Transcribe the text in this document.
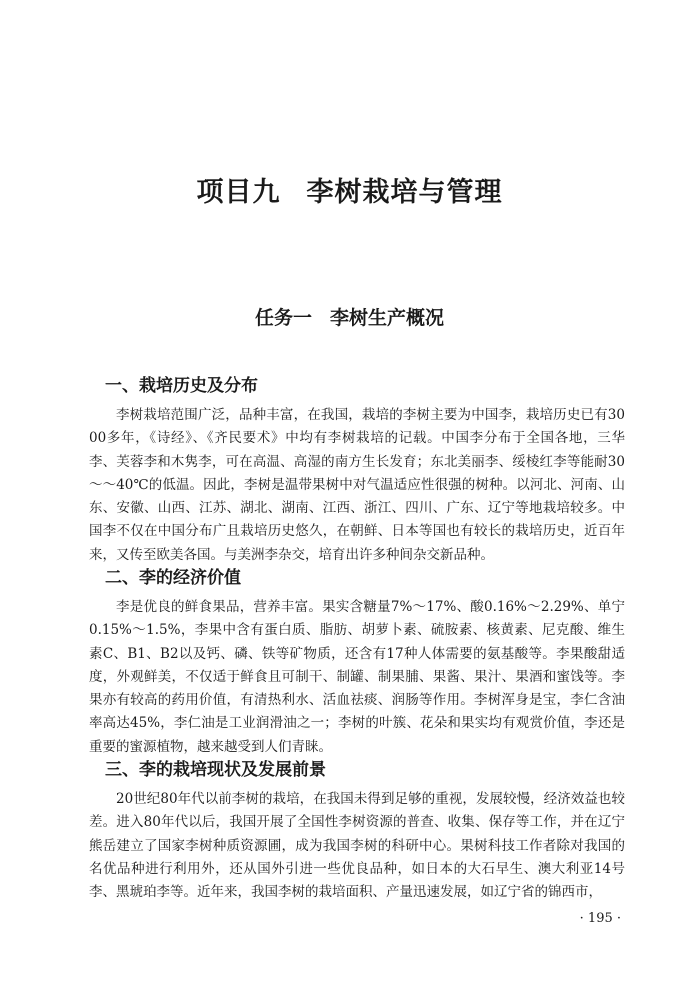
项目九 李树栽培与管理
任务一 李树生产概况
一、栽培历史及分布

李树栽培范围广泛，品种丰富，在我国，栽培的李树主要为中国李，栽培历史已有3000多年，《诗经》、《齐民要术》中均有李树栽培的记载。中国李分布于全国各地，三华李、芙蓉李和木隽李，可在高温、高湿的南方生长发育；东北美丽李、绥棱红李等能耐30～～40℃的低温。因此，李树是温带果树中对气温适应性很强的树种。以河北、河南、山东、安徽、山西、江苏、湖北、湖南、江西、浙江、四川、广东、辽宁等地栽培较多。中国李不仅在中国分布广且栽培历史悠久，在朝鲜、日本等国也有较长的栽培历史，近百年来，又传至欧美各国。与美洲李杂交，培育出许多种间杂交新品种。

二、李的经济价值

李是优良的鲜食果品，营养丰富。果实含糖量7%～17%、酸0.16%～2.29%、单宁0.15%～1.5%，李果中含有蛋白质、脂肪、胡萝卜素、硫胺素、核黄素、尼克酸、维生素C、B1、B2以及钙、磷、铁等矿物质，还含有17种人体需要的氨基酸等。李果酸甜适度，外观鲜美，不仅适于鲜食且可制干、制罐、制果脯、果酱、果汁、果酒和蜜饯等。李果亦有较高的药用价值，有清热利水、活血祛痰、润肠等作用。李树浑身是宝，李仁含油率高达45%，李仁油是工业润滑油之一；李树的叶簇、花朵和果实均有观赏价值，李还是重要的蜜源植物，越来越受到人们青睐。

三、李的栽培现状及发展前景

20世纪80年代以前李树的栽培，在我国未得到足够的重视，发展较慢，经济效益也较差。进入80年代以后，我国开展了全国性李树资源的普查、收集、保存等工作，并在辽宁熊岳建立了国家李树种质资源圃，成为我国李树的科研中心。果树科技工作者除对我国的名优品种进行利用外，还从国外引进一些优良品种，如日本的大石早生、澳大利亚14号李、黑琥珀李等。近年来，我国李树的栽培面积、产量迅速发展，如辽宁省的锦西市，

· 195 ·
